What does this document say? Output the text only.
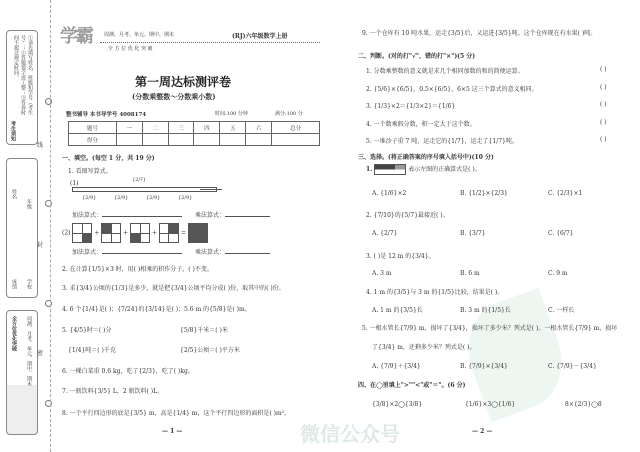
①请先填写姓名、班级和学号（考生号）；②答题要字迹工整；③答卷时间不超过规定时间。
考生须知
学校
年级
姓名
成绩
周测、月考、单元、期中、期末
全方位优化突破
线
封
密
学霸 周测、月考、单元、期中、期末
全 方 位 优 化 突 破
(RJ)六年级数学上册
微信公众号
第一周达标测评卷
(分数乘整数～分数乘小数)
整书辅导 本书导学号 4008174	时间:100 分钟	满分:100 分
题号	一	二	三	四	五	六	总分
得分							
一、填空。(每空 1 分，共 19 分)
1. 看图写算式。
(1)	{2/?}
{2/9}	{2/9}	{2/9}	{2/9}
加法算式：	乘法算式：
(2)	+	+	+	=
加法算式：	乘法算式：
2. 在计算{1/5}×3 时，用( )相乘的积作分子，( )不变。
3. 求{3/4}公顷的{1/3}是多少，就是把{3/4}公顷平均分成( )份，取其中的( )份。
4. 6 个{1/4}是( )；{7/24}的{3/14}是( )；5.6 m 的{5/8}是( )m。
5. {4/5}时＝( )分	{5/8}千米＝( )米
{1/4}吨＝( )千克	{2/5}公顷＝( )平方米
6. 一棵白菜重 0.6 kg，吃了{2/3}，吃了( )kg。
7. 一瓶饮料{3/5} L，2 瓶饮料( )L。
8. 一个平行四边形的底是{3/5} m，高是{1/4} m，这个平行四边形的面积是( )m²。
— 1 —
9. 一个仓库有 10 吨水果，运走{3/5}后，又运进{3/5}吨。这个仓库现在有水果( )吨。
二、判断。(对的打"√"，错的打"×")(5 分)
1. 分数乘整数的意义就是求几个相同加数的和的简便运算。	( )
2. {5/6}×{6/5}，0.5×{6/5}，6×5 这三个算式的意义相同。	( )
3. {1/3}×2＝{1/3×2}＝{1/6}	( )
4. 一个数乘假分数，积一定大于这个数。	( )
5. 一堆沙子重 7 吨，运走它的{1/7}，运走了{1/7}吨。	( )
三、选择。(将正确答案的序号填入括号中)(10 分)
1.	表示左图的正确算式是( )。
A. {1/6}×2	B. {1/2}×{2/3}	C. {2/3}×1
2. {7/10}的{5/7}最接近( )。
A. {2/7}	B. {3/7}	C. {6/7}
3. ( )是 12 m 的{3/4}。
A. 3 m	B. 6 m	C. 9 m
4. 1 m 的{3/5}与 3 m 的{1/5}比较，结果是( )。
A. 1 m 的{3/5}长	B. 3 m 的{1/5}长	C. 一样长
5. 一根水管长{7/9} m，损坏了{3/4}，损坏了多少米？列式是( )。一根水管长{7/9} m，损坏
了{3/4} m，还剩多少米？列式是( )。
A. {7/9}＋{3/4}	B. {7/9}×{3/4}	C. {7/9}－{3/4}
四、在◯里填上">""<"或"＝"。(6 分)
{3/8}×2◯{3/8}	{1/6}×3◯{1/6}	8×{2/3}◯8
— 2 —
